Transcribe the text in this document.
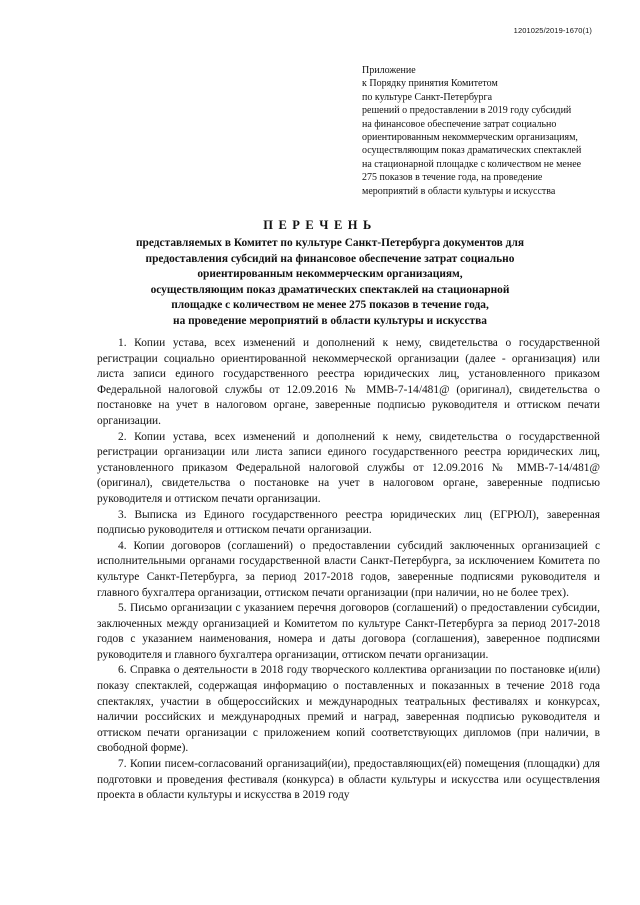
1201025/2019-1670(1)
Приложение
к Порядку принятия Комитетом
по культуре Санкт-Петербурга
решений о предоставлении в 2019 году субсидий
на финансовое обеспечение затрат социально
ориентированным некоммерческим организациям,
осуществляющим показ драматических спектаклей
на стационарной площадке с количеством не менее
275 показов в течение года, на проведение
мероприятий в области культуры и искусства
ПЕРЕЧЕНЬ
представляемых в Комитет по культуре Санкт-Петербурга документов для
предоставления субсидий на финансовое обеспечение затрат социально
ориентированным некоммерческим организациям,
осуществляющим показ драматических спектаклей на стационарной
площадке с количеством не менее 275 показов в течение года,
на проведение мероприятий в области культуры и искусства

1. Копии устава, всех изменений и дополнений к нему, свидетельства о государственной регистрации социально ориентированной некоммерческой организации (далее - организация) или листа записи единого государственного реестра юридических лиц, установленного приказом Федеральной налоговой службы от 12.09.2016 № ММВ-7-14/481@ (оригинал), свидетельства о постановке на учет в налоговом органе, заверенные подписью руководителя и оттиском печати организации.

2. Копии устава, всех изменений и дополнений к нему, свидетельства о государственной регистрации организации или листа записи единого государственного реестра юридических лиц, установленного приказом Федеральной налоговой службы от 12.09.2016 № ММВ-7-14/481@ (оригинал), свидетельства о постановке на учет в налоговом органе, заверенные подписью руководителя и оттиском печати организации.

3. Выписка из Единого государственного реестра юридических лиц (ЕГРЮЛ), заверенная подписью руководителя и оттиском печати организации.

4. Копии договоров (соглашений) о предоставлении субсидий заключенных организацией с исполнительными органами государственной власти Санкт-Петербурга, за исключением Комитета по культуре Санкт-Петербурга, за период 2017-2018 годов, заверенные подписями руководителя и главного бухгалтера организации, оттиском печати организации (при наличии, но не более трех).

5. Письмо организации с указанием перечня договоров (соглашений) о предоставлении субсидии, заключенных между организацией и Комитетом по культуре Санкт-Петербурга за период 2017-2018 годов с указанием наименования, номера и даты договора (соглашения), заверенное подписями руководителя и главного бухгалтера организации, оттиском печати организации.

6. Справка о деятельности в 2018 году творческого коллектива организации по постановке и(или) показу спектаклей, содержащая информацию о поставленных и показанных в течение 2018 года спектаклях, участии в общероссийских и международных театральных фестивалях и конкурсах, наличии российских и международных премий и наград, заверенная подписью руководителя и оттиском печати организации с приложением копий соответствующих дипломов (при наличии, в свободной форме).

7. Копии писем-согласований организаций(ии), предоставляющих(ей) помещения (площадки) для подготовки и проведения фестиваля (конкурса) в области культуры и искусства или осуществления проекта в области культуры и искусства в 2019 году
